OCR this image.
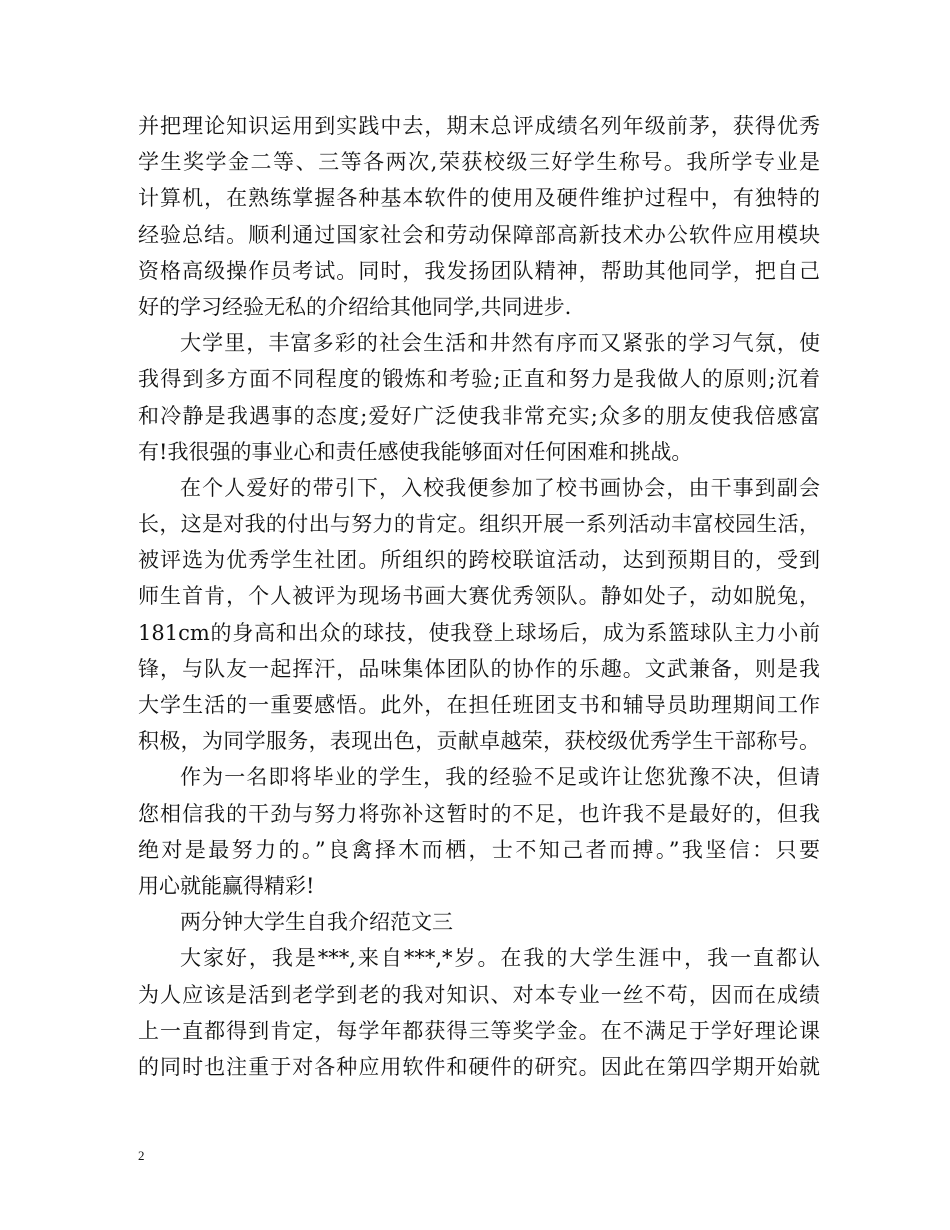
并把理论知识运用到实践中去，期末总评成绩名列年级前茅，获得优秀
学生奖学金二等、三等各两次,荣获校级三好学生称号。我所学专业是
计算机，在熟练掌握各种基本软件的使用及硬件维护过程中，有独特的
经验总结。顺利通过国家社会和劳动保障部高新技术办公软件应用模块
资格高级操作员考试。同时，我发扬团队精神，帮助其他同学，把自己
好的学习经验无私的介绍给其他同学,共同进步.
大学里，丰富多彩的社会生活和井然有序而又紧张的学习气氛，使
我得到多方面不同程度的锻炼和考验;正直和努力是我做人的原则;沉着
和冷静是我遇事的态度;爱好广泛使我非常充实;众多的朋友使我倍感富
有!我很强的事业心和责任感使我能够面对任何困难和挑战。
在个人爱好的带引下，入校我便参加了校书画协会，由干事到副会
长，这是对我的付出与努力的肯定。组织开展一系列活动丰富校园生活，
被评选为优秀学生社团。所组织的跨校联谊活动，达到预期目的，受到
师生首肯，个人被评为现场书画大赛优秀领队。静如处子，动如脱兔，
181cm的身高和出众的球技，使我登上球场后，成为系篮球队主力小前
锋，与队友一起挥汗，品味集体团队的协作的乐趣。文武兼备，则是我
大学生活的一重要感悟。此外，在担任班团支书和辅导员助理期间工作
积极，为同学服务，表现出色，贡献卓越荣，获校级优秀学生干部称号。
作为一名即将毕业的学生，我的经验不足或许让您犹豫不决，但请
您相信我的干劲与努力将弥补这暂时的不足，也许我不是最好的，但我
绝对是最努力的。”良禽择木而栖，士不知己者而搏。”我坚信：只要
用心就能赢得精彩!
两分钟大学生自我介绍范文三
大家好，我是***,来自***,*岁。在我的大学生涯中，我一直都认
为人应该是活到老学到老的我对知识、对本专业一丝不苟，因而在成绩
上一直都得到肯定，每学年都获得三等奖学金。在不满足于学好理论课
的同时也注重于对各种应用软件和硬件的研究。因此在第四学期开始就
2
